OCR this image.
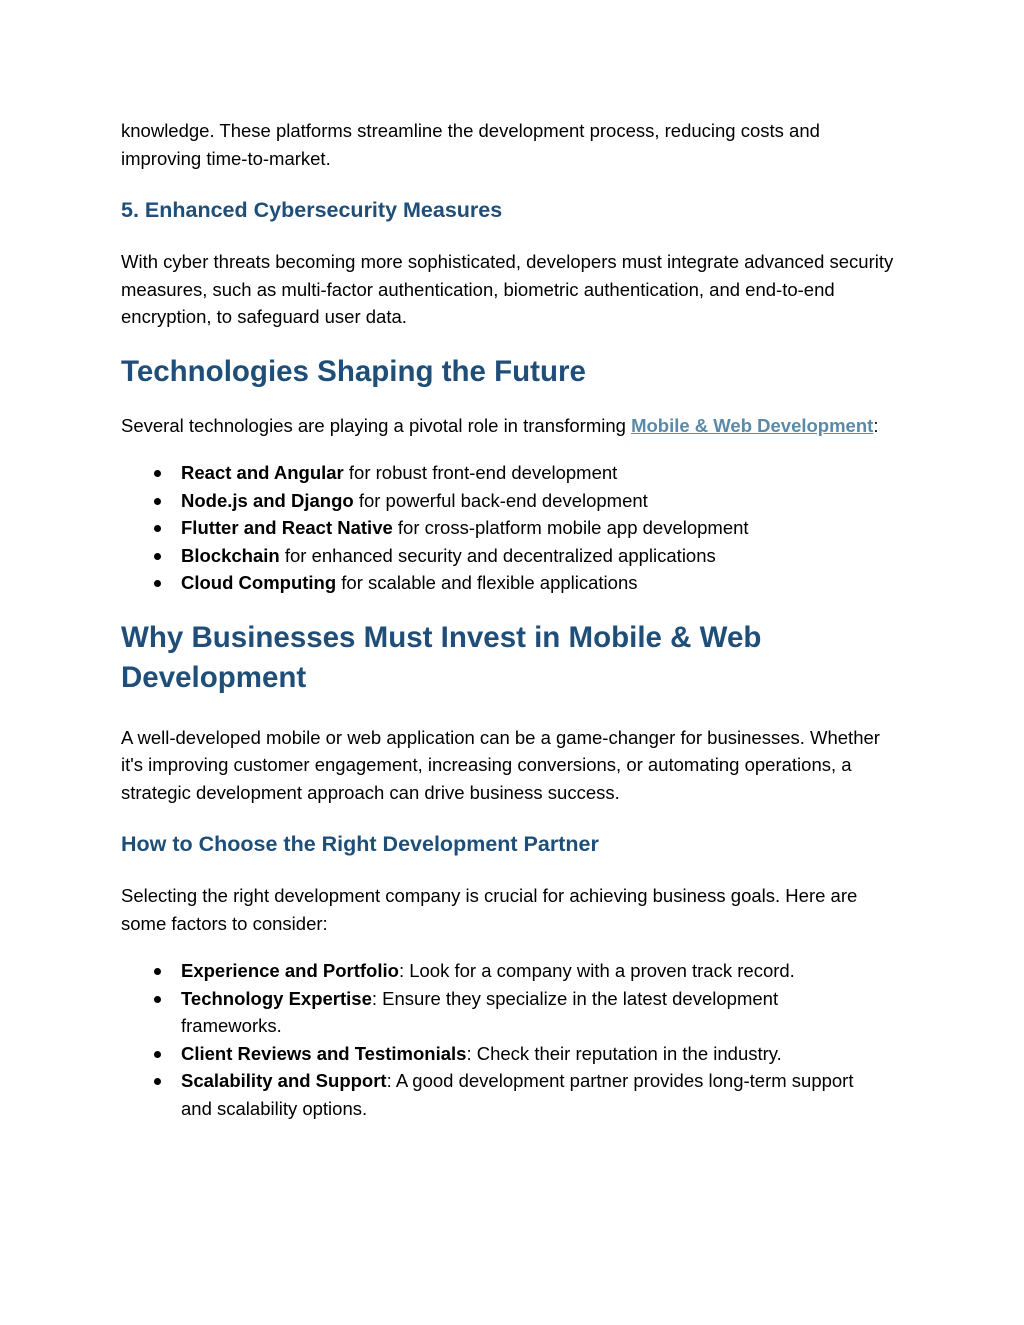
knowledge. These platforms streamline the development process, reducing costs and improving time-to-market.

5. Enhanced Cybersecurity Measures

With cyber threats becoming more sophisticated, developers must integrate advanced security measures, such as multi-factor authentication, biometric authentication, and end-to-end encryption, to safeguard user data.

Technologies Shaping the Future

Several technologies are playing a pivotal role in transforming Mobile & Web Development:

React and Angular for robust front-end development
Node.js and Django for powerful back-end development
Flutter and React Native for cross-platform mobile app development
Blockchain for enhanced security and decentralized applications
Cloud Computing for scalable and flexible applications
Why Businesses Must Invest in Mobile & Web Development

A well-developed mobile or web application can be a game-changer for businesses. Whether it's improving customer engagement, increasing conversions, or automating operations, a strategic development approach can drive business success.

How to Choose the Right Development Partner

Selecting the right development company is crucial for achieving business goals. Here are some factors to consider:

Experience and Portfolio: Look for a company with a proven track record.
Technology Expertise: Ensure they specialize in the latest development frameworks.
Client Reviews and Testimonials: Check their reputation in the industry.
Scalability and Support: A good development partner provides long-term support and scalability options.
